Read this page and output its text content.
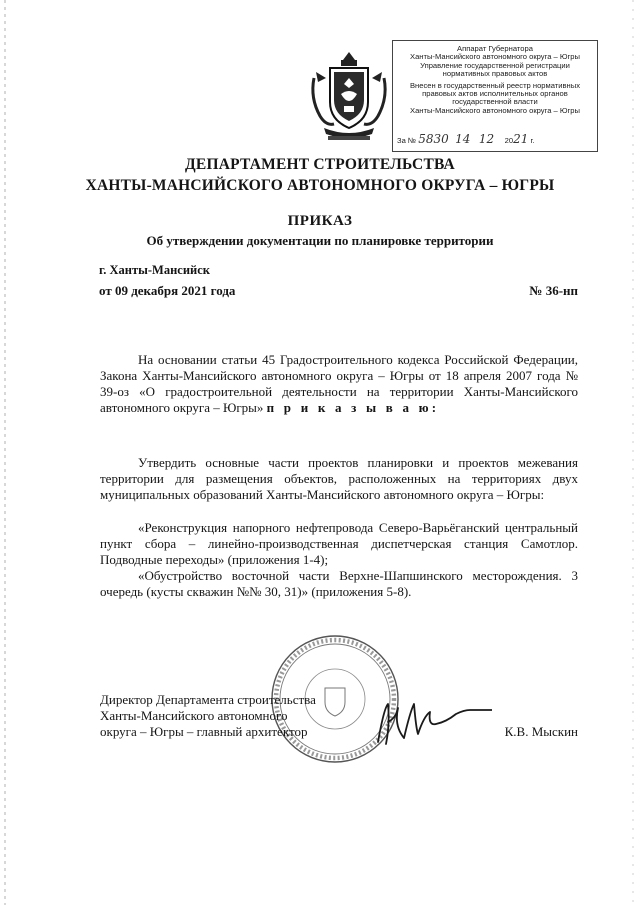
Аппарат Губернатора
Ханты-Мансийского автономного округа – Югры
Управление государственной регистрации
нормативных правовых актов
Внесен в государственный реестр нормативных
правовых актов исполнительных органов
государственной власти
Ханты-Мансийского автономного округа – Югры
За № 5830 14 12 2021 г.
ДЕПАРТАМЕНТ СТРОИТЕЛЬСТВА
ХАНТЫ-МАНСИЙСКОГО АВТОНОМНОГО ОКРУГА – ЮГРЫ
ПРИКАЗ
Об утверждении документации по планировке территории
г. Ханты-Мансийск
от 09 декабря 2021 года	№ 36-нп
На основании статьи 45 Градостроительного кодекса Российской Федерации, Закона Ханты-Мансийского автономного округа – Югры от 18 апреля 2007 года № 39-оз «О градостроительной деятельности на территории Ханты-Мансийского автономного округа – Югры» п р и к а з ы в а ю:
Утвердить основные части проектов планировки и проектов межевания территории для размещения объектов, расположенных на территориях двух муниципальных образований Ханты-Мансийского автономного округа – Югры:
«Реконструкция напорного нефтепровода Северо-Варьёганский центральный пункт сбора – линейно-производственная диспетчерская станция Самотлор. Подводные переходы» (приложения 1-4);
«Обустройство восточной части Верхне-Шапшинского месторождения. 3 очередь (кусты скважин №№ 30, 31)» (приложения 5-8).
Директор Департамента строительства
Ханты-Мансийского автономного
округа – Югры – главный архитектор	К.В. Мыскин
